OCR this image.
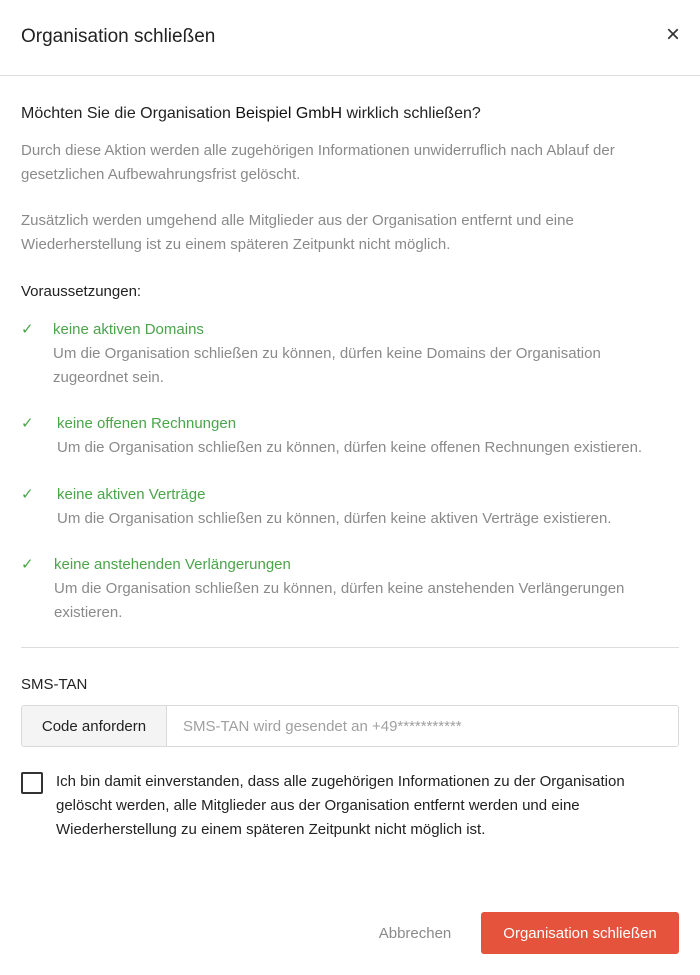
Organisation schließen	×
Möchten Sie die Organisation Beispiel GmbH wirklich schließen?
Durch diese Aktion werden alle zugehörigen Informationen unwiderruflich nach Ablauf der gesetzlichen Aufbewahrungsfrist gelöscht.
Zusätzlich werden umgehend alle Mitglieder aus der Organisation entfernt und eine Wiederherstellung ist zu einem späteren Zeitpunkt nicht möglich.
Voraussetzungen:
✓ keine aktiven Domains
Um die Organisation schließen zu können, dürfen keine Domains der Organisation zugeordnet sein.
✓ keine offenen Rechnungen
Um die Organisation schließen zu können, dürfen keine offenen Rechnungen existieren.
✓ keine aktiven Verträge
Um die Organisation schließen zu können, dürfen keine aktiven Verträge existieren.
✓ keine anstehenden Verlängerungen
Um die Organisation schließen zu können, dürfen keine anstehenden Verlängerungen existieren.
SMS-TAN
Code anfordern
SMS-TAN wird gesendet an +49***********
Ich bin damit einverstanden, dass alle zugehörigen Informationen zu der Organisation gelöscht werden, alle Mitglieder aus der Organisation entfernt werden und eine Wiederherstellung zu einem späteren Zeitpunkt nicht möglich ist.
Abbrechen	Organisation schließen
